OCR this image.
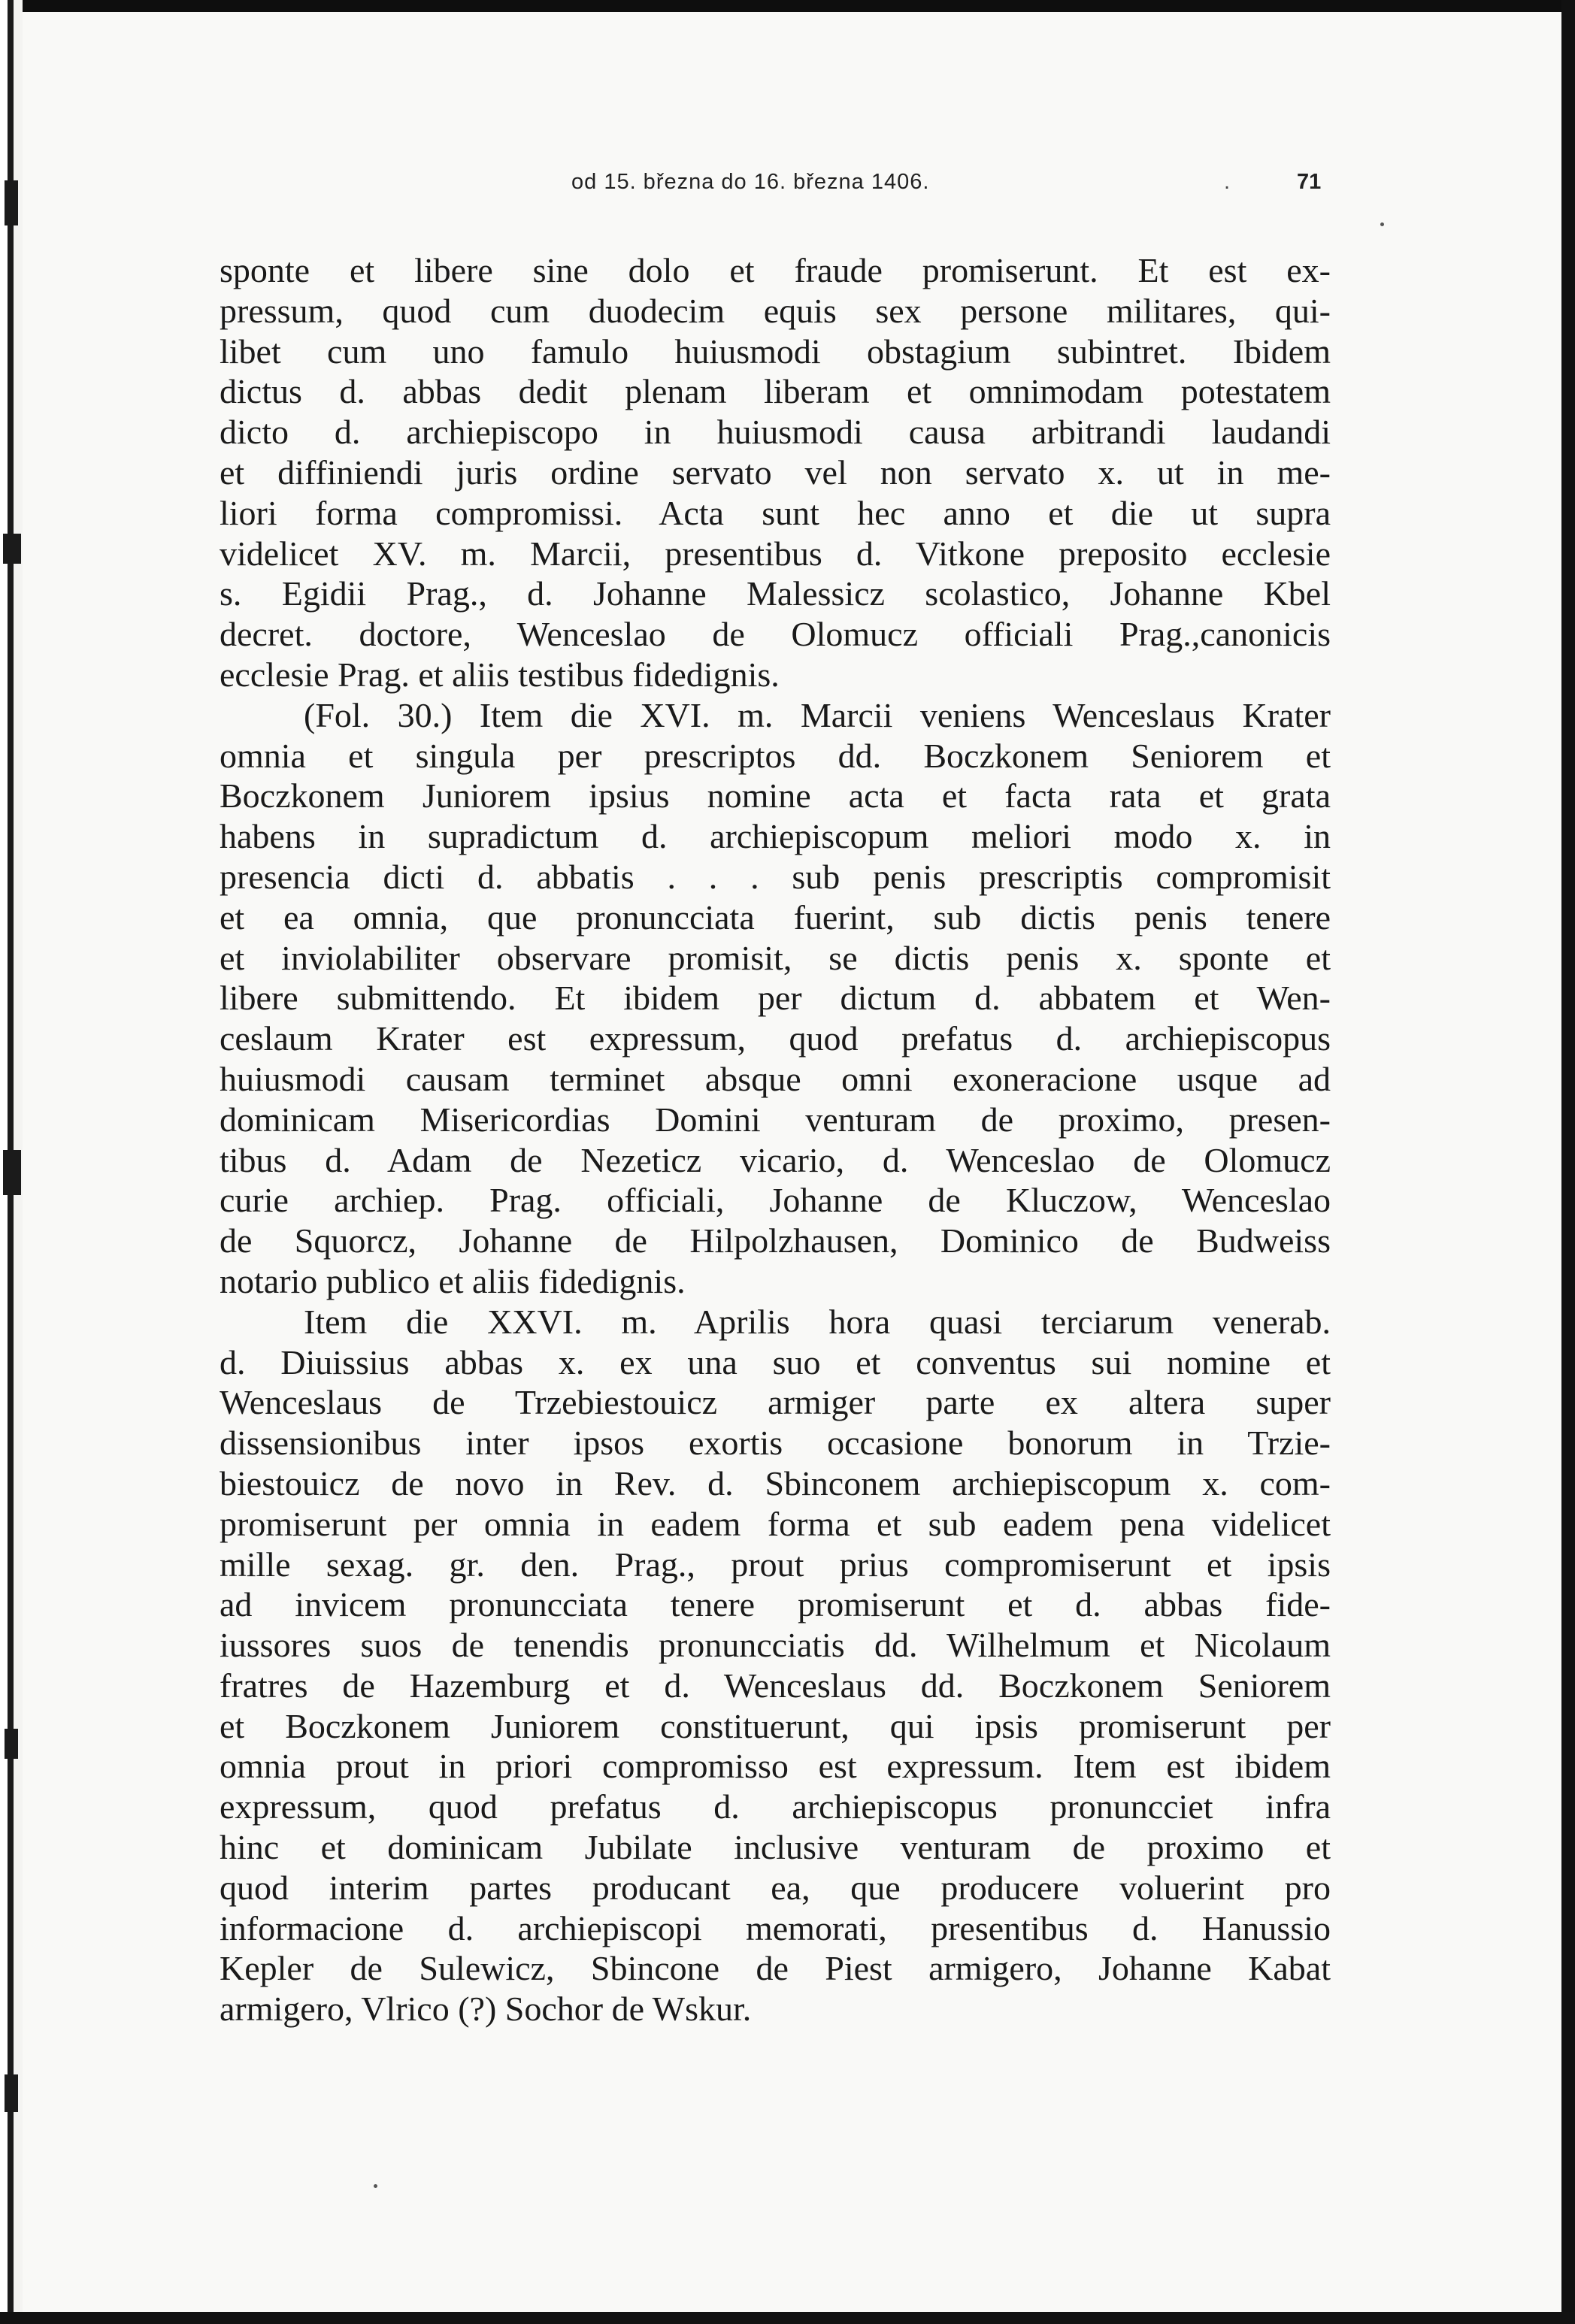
od 15. března do 16. března 1406.	.	71
sponte et libere sine dolo et fraude promiserunt. Et est ex-
pressum, quod cum duodecim equis sex persone militares, qui-
libet cum uno famulo huiusmodi obstagium subintret. Ibidem
dictus d. abbas dedit plenam liberam et omnimodam potestatem
dicto d. archiepiscopo in huiusmodi causa arbitrandi laudandi
et diffiniendi juris ordine servato vel non servato x. ut in me-
liori forma compromissi. Acta sunt hec anno et die ut supra
videlicet XV. m. Marcii, presentibus d. Vitkone preposito ecclesie
s. Egidii Prag., d. Johanne Malessicz scolastico, Johanne Kbel
decret. doctore, Wenceslao de Olomucz officiali Prag.,canonicis
ecclesie Prag. et aliis testibus fidedignis.
(Fol. 30.) Item die XVI. m. Marcii veniens Wenceslaus Krater
omnia et singula per prescriptos dd. Boczkonem Seniorem et
Boczkonem Juniorem ipsius nomine acta et facta rata et grata
habens in supradictum d. archiepiscopum meliori modo x. in
presencia dicti d. abbatis . . . sub penis prescriptis compromisit
et ea omnia, que pronuncciata fuerint, sub dictis penis tenere
et inviolabiliter observare promisit, se dictis penis x. sponte et
libere submittendo. Et ibidem per dictum d. abbatem et Wen-
ceslaum Krater est expressum, quod prefatus d. archiepiscopus
huiusmodi causam terminet absque omni exoneracione usque ad
dominicam Misericordias Domini venturam de proximo, presen-
tibus d. Adam de Nezeticz vicario, d. Wenceslao de Olomucz
curie archiep. Prag. officiali, Johanne de Kluczow, Wenceslao
de Squorcz, Johanne de Hilpolzhausen, Dominico de Budweiss
notario publico et aliis fidedignis.
Item die XXVI. m. Aprilis hora quasi terciarum venerab.
d. Diuissius abbas x. ex una suo et conventus sui nomine et
Wenceslaus de Trzebiestouicz armiger parte ex altera super
dissensionibus inter ipsos exortis occasione bonorum in Trzie-
biestouicz de novo in Rev. d. Sbinconem archiepiscopum x. com-
promiserunt per omnia in eadem forma et sub eadem pena videlicet
mille sexag. gr. den. Prag., prout prius compromiserunt et ipsis
ad invicem pronuncciata tenere promiserunt et d. abbas fide-
iussores suos de tenendis pronuncciatis dd. Wilhelmum et Nicolaum
fratres de Hazemburg et d. Wenceslaus dd. Boczkonem Seniorem
et Boczkonem Juniorem constituerunt, qui ipsis promiserunt per
omnia prout in priori compromisso est expressum. Item est ibidem
expressum, quod prefatus d. archiepiscopus pronuncciet infra
hinc et dominicam Jubilate inclusive venturam de proximo et
quod interim partes producant ea, que producere voluerint pro
informacione d. archiepiscopi memorati, presentibus d. Hanussio
Kepler de Sulewicz, Sbincone de Piest armigero, Johanne Kabat
armigero, Vlrico (?) Sochor de Wskur.
